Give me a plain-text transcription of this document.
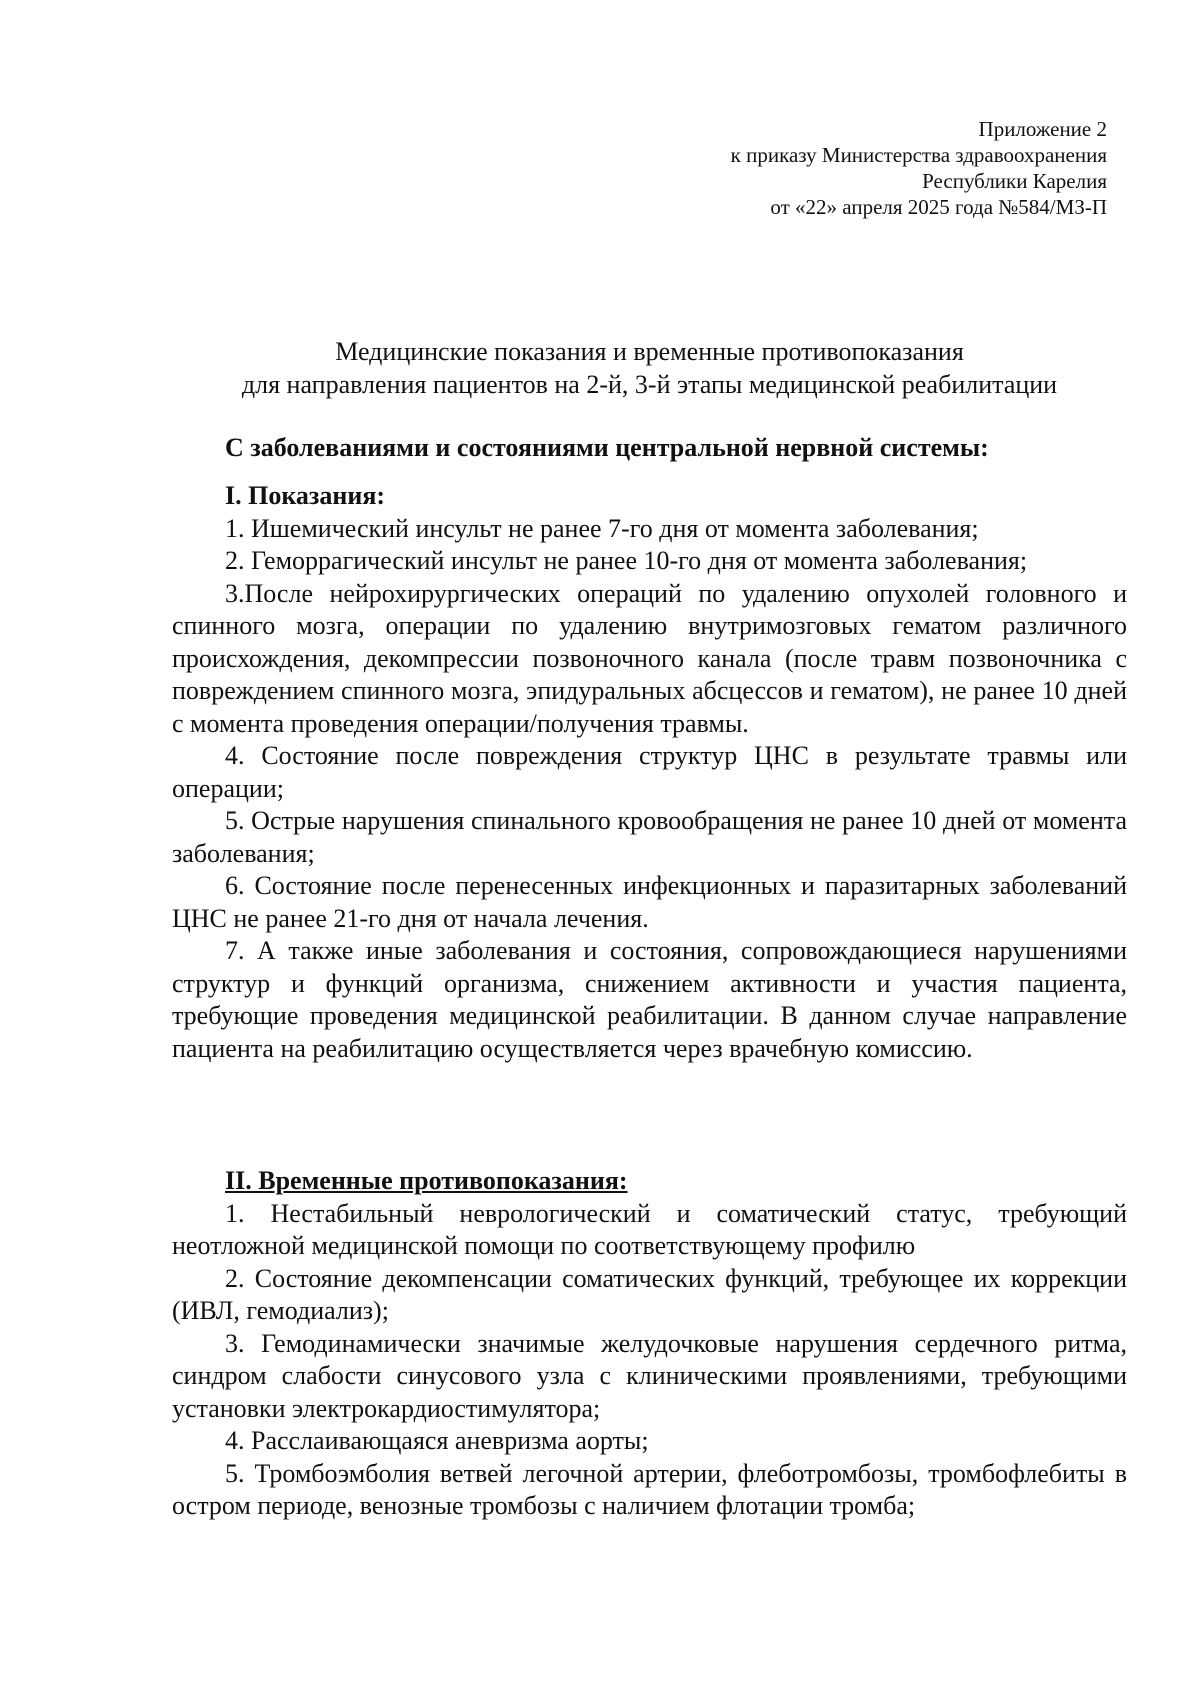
Приложение 2
к приказу Министерства здравоохранения
Республики Карелия
от «22» апреля 2025 года №584/МЗ-П
Медицинские показания и временные противопоказания
для направления пациентов на 2-й, 3-й этапы медицинской реабилитации
С заболеваниями и состояниями центральной нервной системы:

I. Показания:

1. Ишемический инсульт не ранее 7-го дня от момента заболевания;

2. Геморрагический инсульт не ранее 10-го дня от момента заболевания;

3.После нейрохирургических операций по удалению опухолей головного и спинного мозга, операции по удалению внутримозговых гематом различного происхождения, декомпрессии позвоночного канала (после травм позвоночника с повреждением спинного мозга, эпидуральных абсцессов и гематом), не ранее 10 дней с момента проведения операции/получения травмы.

4. Состояние после повреждения структур ЦНС в результате травмы или операции;

5. Острые нарушения спинального кровообращения не ранее 10 дней от момента заболевания;

6. Состояние после перенесенных инфекционных и паразитарных заболеваний ЦНС не ранее 21-го дня от начала лечения.

7. А также иные заболевания и состояния, сопровождающиеся нарушениями структур и функций организма, снижением активности и участия пациента, требующие проведения медицинской реабилитации. В данном случае направление пациента на реабилитацию осуществляется через врачебную комиссию.

II. Временные противопоказания:

1. Нестабильный неврологический и соматический статус, требующий неотложной медицинской помощи по соответствующему профилю

2. Состояние декомпенсации соматических функций, требующее их коррекции (ИВЛ, гемодиализ);

3. Гемодинамически значимые желудочковые нарушения сердечного ритма, синдром слабости синусового узла с клиническими проявлениями, требующими установки электрокардиостимулятора;

4. Расслаивающаяся аневризма аорты;

5. Тромбоэмболия ветвей легочной артерии, флеботромбозы, тромбофлебиты в остром периоде, венозные тромбозы с наличием флотации тромба;
